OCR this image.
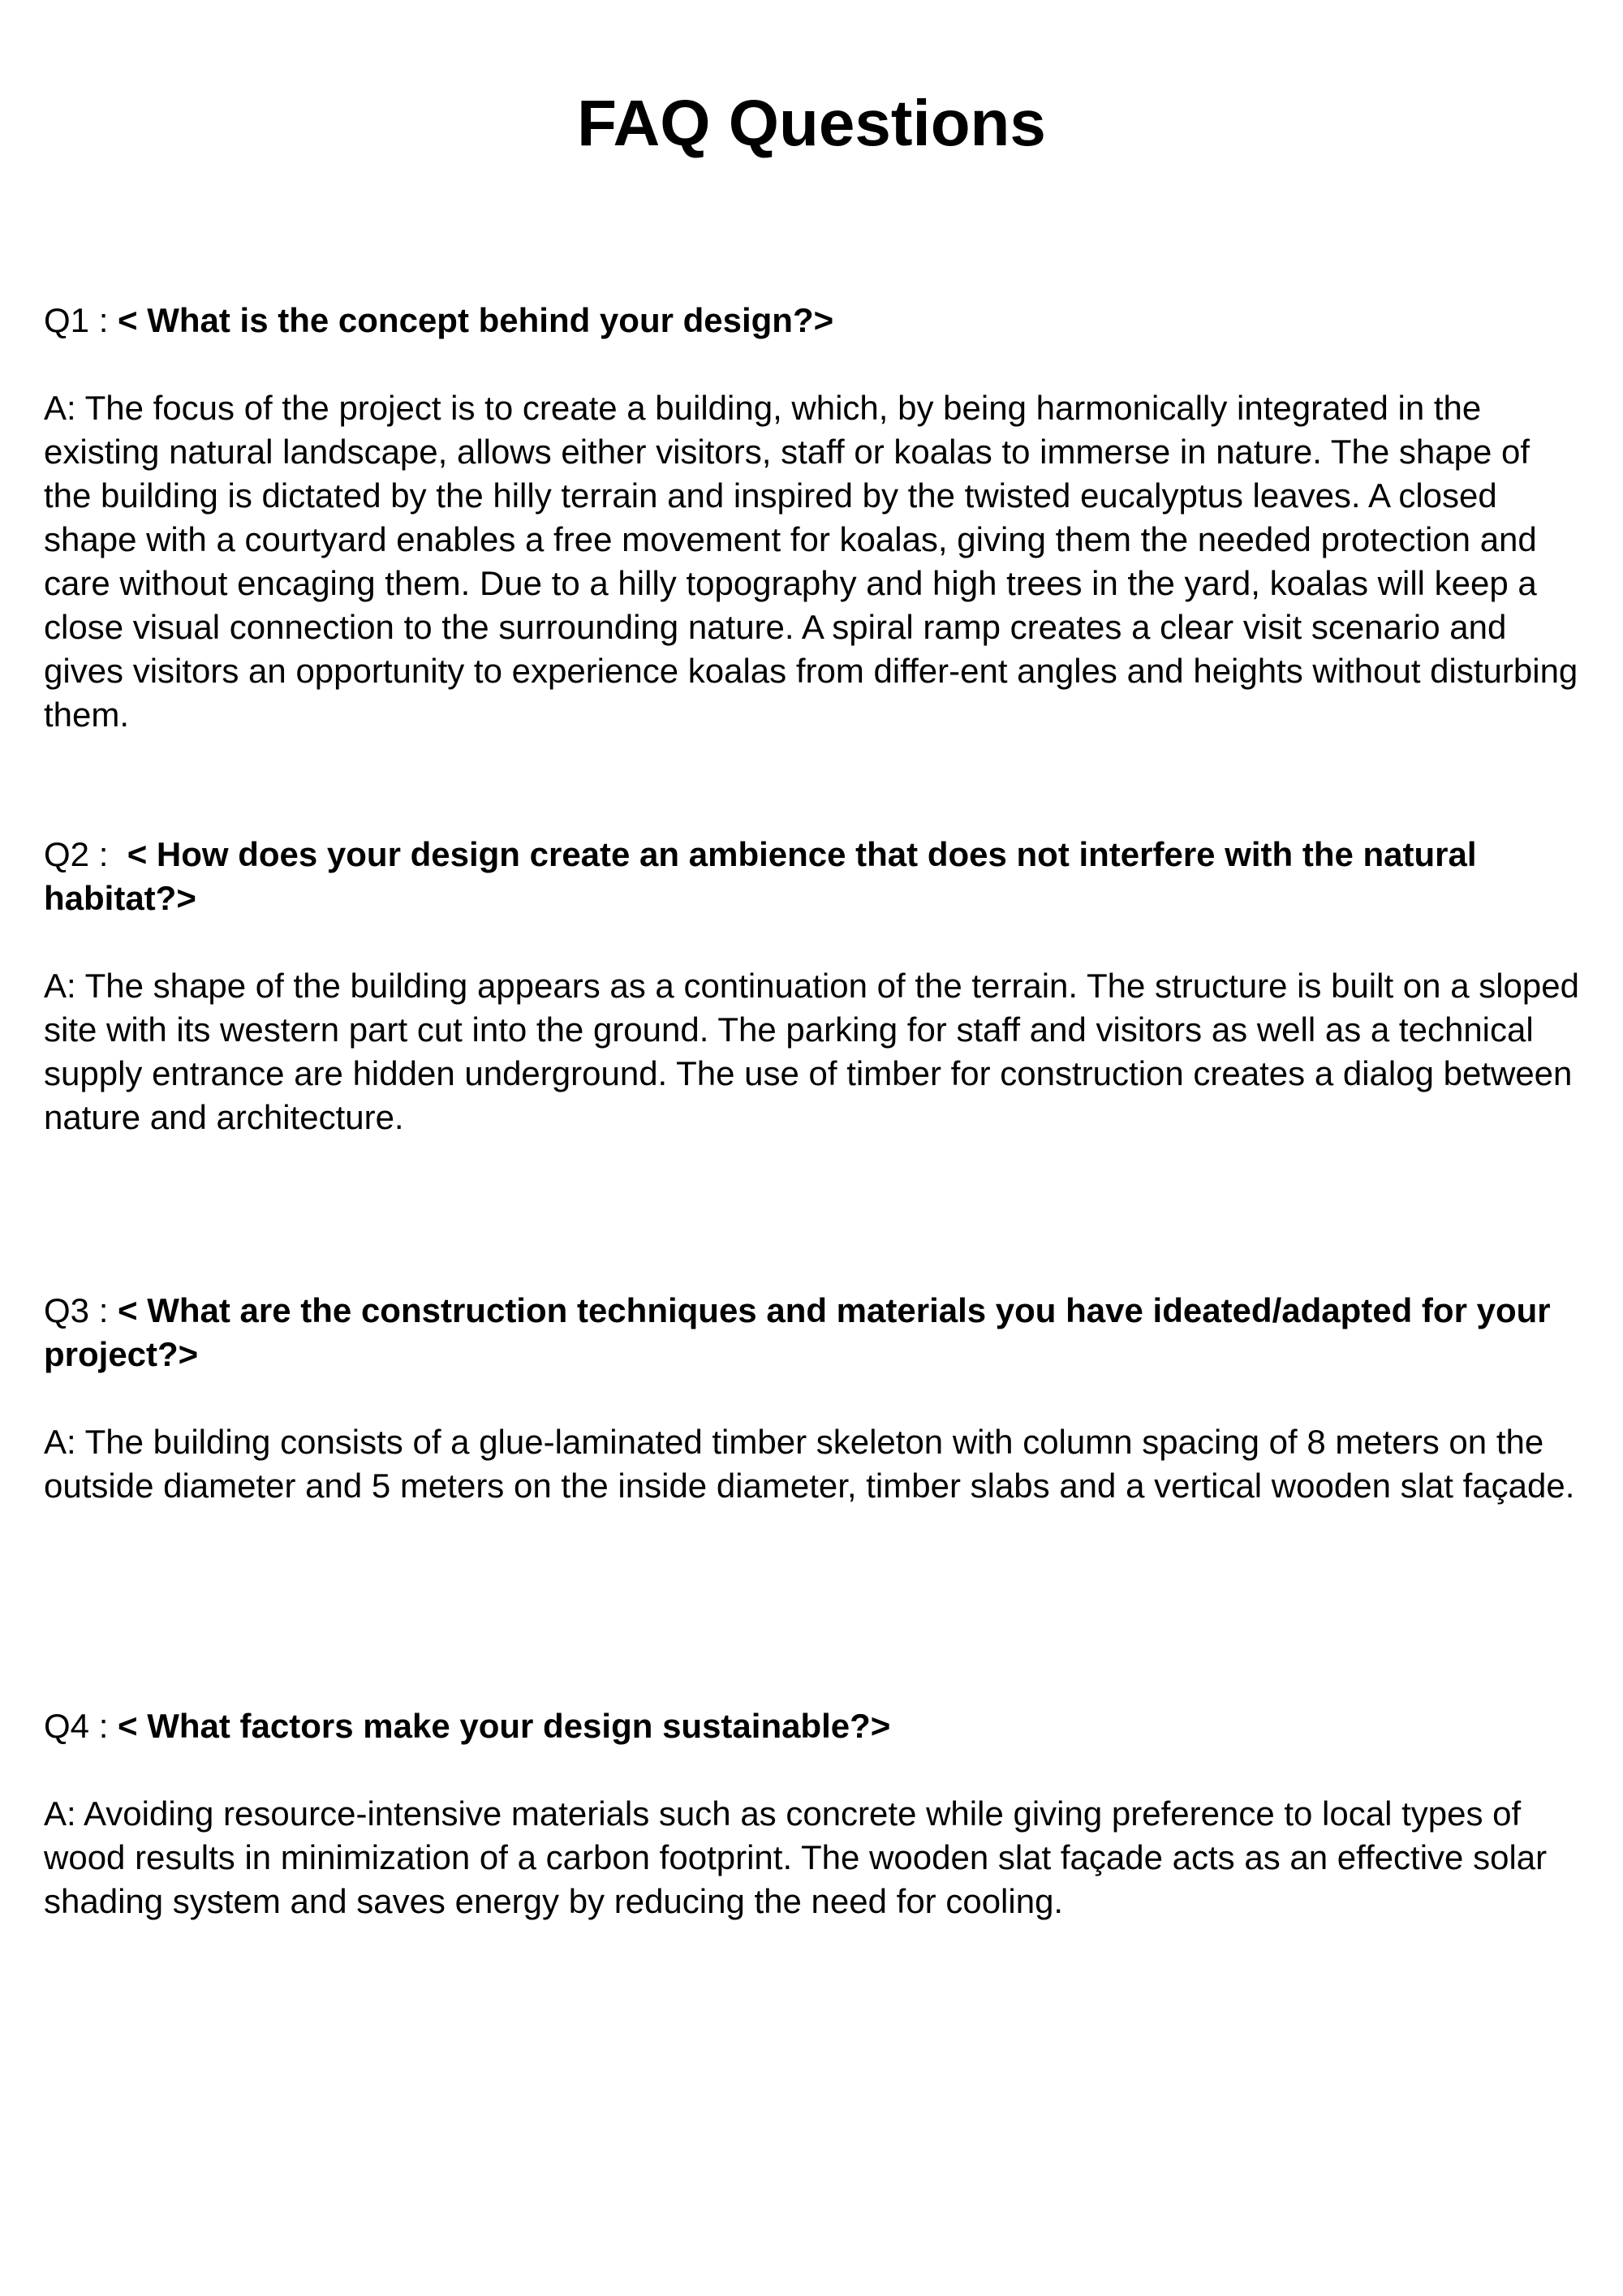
FAQ Questions

Q1 : < What is the concept behind your design?>

A: The focus of the project is to create a building, which, by being harmonically integrated in the existing natural landscape, allows either visitors, staff or koalas to immerse in nature. The shape of the building is dictated by the hilly terrain and inspired by the twisted eucalyptus leaves. A closed shape with a courtyard enables a free movement for koalas, giving them the needed protection and care without encaging them. Due to a hilly topography and high trees in the yard, koalas will keep a close visual connection to the surrounding nature. A spiral ramp creates a clear visit scenario and gives visitors an opportunity to experience koalas from differ-ent angles and heights without disturbing them.

Q2 :  < How does your design create an ambience that does not interfere with the natural habitat?>

A: The shape of the building appears as a continuation of the terrain. The structure is built on a sloped site with its western part cut into the ground. The parking for staff and visitors as well as a technical supply entrance are hidden underground. The use of timber for construction creates a dialog between nature and architecture.

Q3 : < What are the construction techniques and materials you have ideated/adapted for your project?>

A: The building consists of a glue-laminated timber skeleton with column spacing of 8 meters on the outside diameter and 5 meters on the inside diameter, timber slabs and a vertical wooden slat façade.

Q4 : < What factors make your design sustainable?>

A: Avoiding resource-intensive materials such as concrete while giving preference to local types of wood results in minimization of a carbon footprint. The wooden slat façade acts as an effective solar shading system and saves energy by reducing the need for cooling.
